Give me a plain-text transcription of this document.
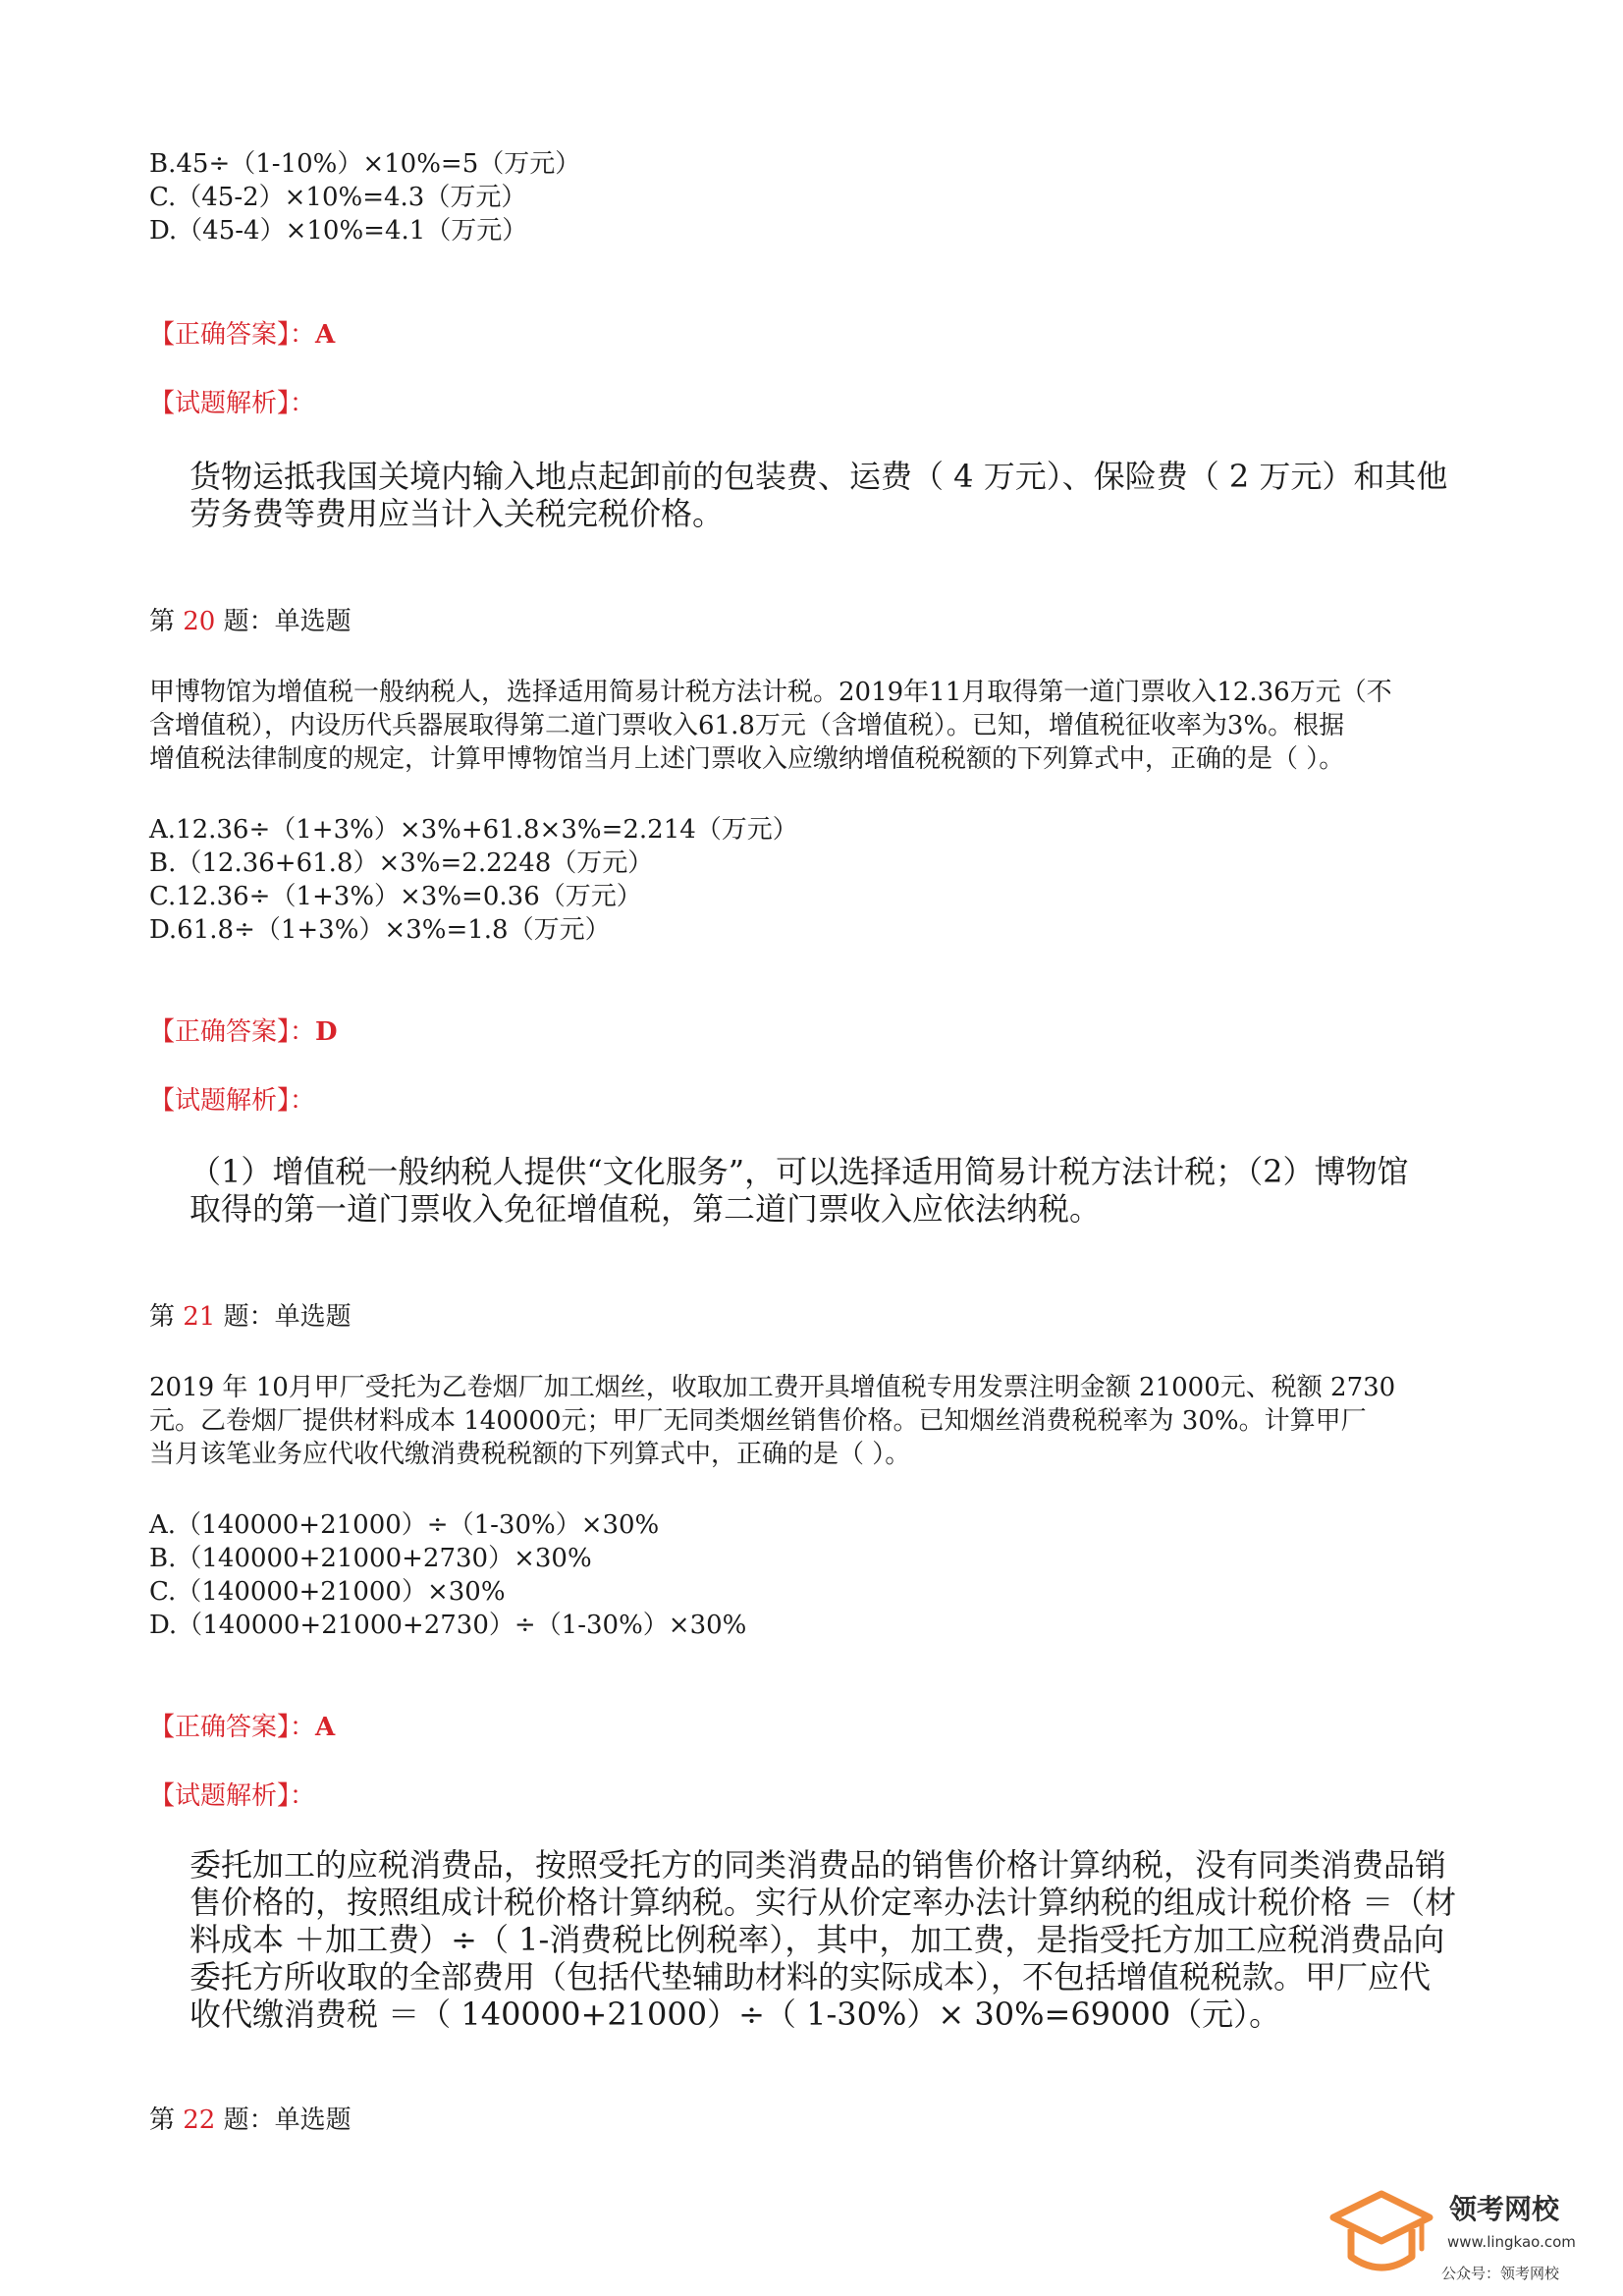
B.45÷（1-10%）×10%=5（万元）
C.（45-2）×10%=4.3（万元）
D.（45-4）×10%=4.1（万元）
【正确答案】：A
【试题解析】：
货物运抵我国关境内输入地点起卸前的包装费、运费（ 4 万元）、保险费（ 2 万元）和其他
劳务费等费用应当计入关税完税价格。
第 20 题：单选题
甲博物馆为增值税一般纳税人，选择适用简易计税方法计税。2019年11月取得第一道门票收入12.36万元（不
含增值税），内设历代兵器展取得第二道门票收入61.8万元（含增值税）。已知，增值税征收率为3%。根据
增值税法律制度的规定，计算甲博物馆当月上述门票收入应缴纳增值税税额的下列算式中，正确的是（ ）。
A.12.36÷（1+3%）×3%+61.8×3%=2.214（万元）
B.（12.36+61.8）×3%=2.2248（万元）
C.12.36÷（1+3%）×3%=0.36（万元）
D.61.8÷（1+3%）×3%=1.8（万元）
【正确答案】：D
【试题解析】：
（1）增值税一般纳税人提供“文化服务”，可以选择适用简易计税方法计税；（2）博物馆
取得的第一道门票收入免征增值税，第二道门票收入应依法纳税。
第 21 题：单选题
2019 年 10月甲厂受托为乙卷烟厂加工烟丝，收取加工费开具增值税专用发票注明金额 21000元、税额 2730
元。乙卷烟厂提供材料成本 140000元；甲厂无同类烟丝销售价格。已知烟丝消费税税率为 30%。计算甲厂
当月该笔业务应代收代缴消费税税额的下列算式中，正确的是（ ）。
A.（140000+21000）÷（1-30%）×30%
B.（140000+21000+2730）×30%
C.（140000+21000）×30%
D.（140000+21000+2730）÷（1-30%）×30%
【正确答案】：A
【试题解析】：
委托加工的应税消费品，按照受托方的同类消费品的销售价格计算纳税，没有同类消费品销
售价格的，按照组成计税价格计算纳税。实行从价定率办法计算纳税的组成计税价格 ＝（材
料成本 ＋加工费）÷（ 1-消费税比例税率），其中，加工费，是指受托方加工应税消费品向
委托方所收取的全部费用（包括代垫辅助材料的实际成本），不包括增值税税款。甲厂应代
收代缴消费税 ＝（ 140000+21000）÷（ 1-30%）× 30%=69000（元）。
第 22 题：单选题
领考网校
www.lingkao.com
公众号：领考网校
